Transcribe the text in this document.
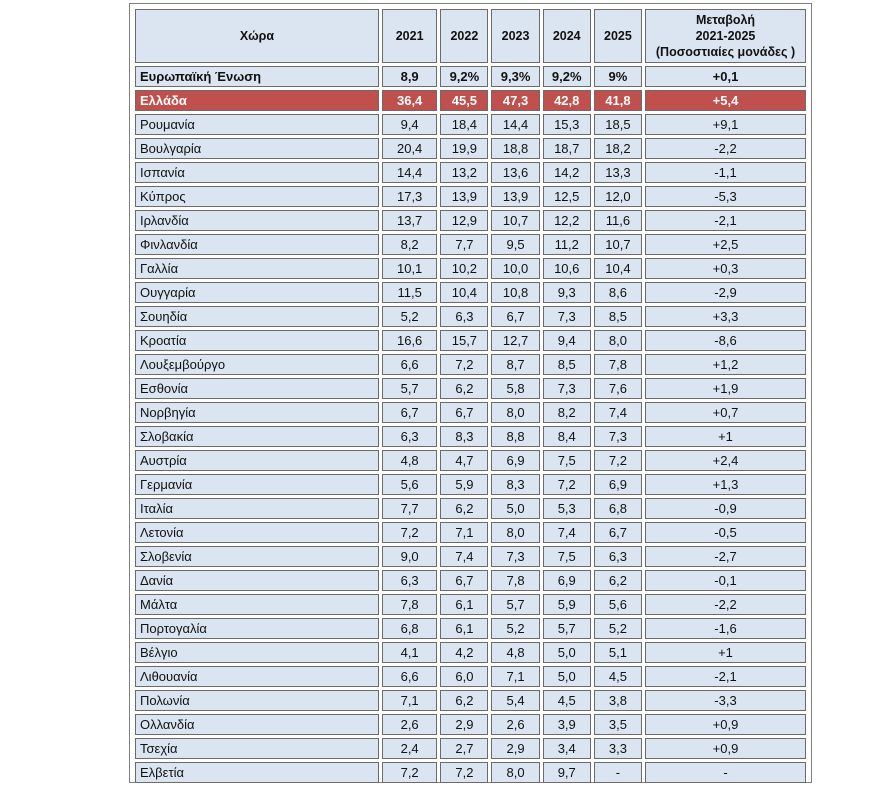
Χώρα	2021	2022	2023	2024	2025	Μεταβολή
2021-2025
(Ποσοστιαίες μονάδες )
Ευρωπαϊκή Ένωση	8,9	9,2%	9,3%	9,2%	9%	+0,1
Ελλάδα	36,4	45,5	47,3	42,8	41,8	+5,4
Ρουμανία	9,4	18,4	14,4	15,3	18,5	+9,1
Βουλγαρία	20,4	19,9	18,8	18,7	18,2	-2,2
Ισπανία	14,4	13,2	13,6	14,2	13,3	-1,1
Κύπρος	17,3	13,9	13,9	12,5	12,0	-5,3
Ιρλανδία	13,7	12,9	10,7	12,2	11,6	-2,1
Φινλανδία	8,2	7,7	9,5	11,2	10,7	+2,5
Γαλλία	10,1	10,2	10,0	10,6	10,4	+0,3
Ουγγαρία	11,5	10,4	10,8	9,3	8,6	-2,9
Σουηδία	5,2	6,3	6,7	7,3	8,5	+3,3
Κροατία	16,6	15,7	12,7	9,4	8,0	-8,6
Λουξεμβούργο	6,6	7,2	8,7	8,5	7,8	+1,2
Εσθονία	5,7	6,2	5,8	7,3	7,6	+1,9
Νορβηγία	6,7	6,7	8,0	8,2	7,4	+0,7
Σλοβακία	6,3	8,3	8,8	8,4	7,3	+1
Αυστρία	4,8	4,7	6,9	7,5	7,2	+2,4
Γερμανία	5,6	5,9	8,3	7,2	6,9	+1,3
Ιταλία	7,7	6,2	5,0	5,3	6,8	-0,9
Λετονία	7,2	7,1	8,0	7,4	6,7	-0,5
Σλοβενία	9,0	7,4	7,3	7,5	6,3	-2,7
Δανία	6,3	6,7	7,8	6,9	6,2	-0,1
Μάλτα	7,8	6,1	5,7	5,9	5,6	-2,2
Πορτογαλία	6,8	6,1	5,2	5,7	5,2	-1,6
Βέλγιο	4,1	4,2	4,8	5,0	5,1	+1
Λιθουανία	6,6	6,0	7,1	5,0	4,5	-2,1
Πολωνία	7,1	6,2	5,4	4,5	3,8	-3,3
Ολλανδία	2,6	2,9	2,6	3,9	3,5	+0,9
Τσεχία	2,4	2,7	2,9	3,4	3,3	+0,9
Ελβετία	7,2	7,2	8,0	9,7	-	-
